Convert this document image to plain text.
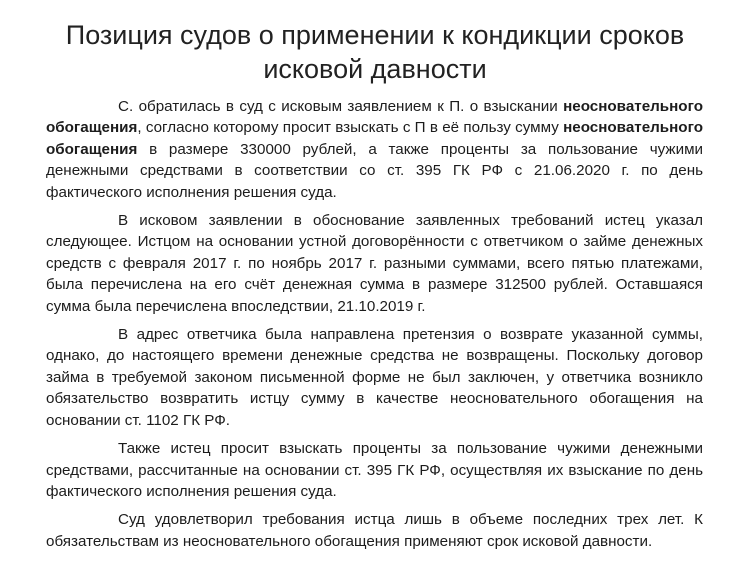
Позиция судов о применении к кондикции сроков
исковой давности

С. обратилась в суд с исковым заявлением к П. о взыскании неосновательного обогащения, согласно которому просит взыскать с П в её пользу сумму неосновательного обогащения в размере 330000 рублей, а также проценты за пользование чужими денежными средствами в соответствии со ст. 395 ГК РФ с 21.06.2020 г. по день фактического исполнения решения суда.

В исковом заявлении в обоснование заявленных требований истец указал следующее. Истцом на основании устной договорённости с ответчиком о займе денежных средств с февраля 2017 г. по ноябрь 2017 г. разными суммами, всего пятью платежами, была перечислена на его счёт денежная сумма в размере 312500 рублей. Оставшаяся сумма была перечислена впоследствии, 21.10.2019 г.

В адрес ответчика была направлена претензия о возврате указанной суммы, однако, до настоящего времени денежные средства не возвращены. Поскольку договор займа в требуемой законом письменной форме не был заключен, у ответчика возникло обязательство возвратить истцу сумму в качестве неосновательного обогащения на основании ст. 1102 ГК РФ.

Также истец просит взыскать проценты за пользование чужими денежными средствами, рассчитанные на основании ст. 395 ГК РФ, осуществляя их взыскание по день фактического исполнения решения суда.

Суд удовлетворил требования истца лишь в объеме последних трех лет. К обязательствам из неосновательного обогащения применяют срок исковой давности.
